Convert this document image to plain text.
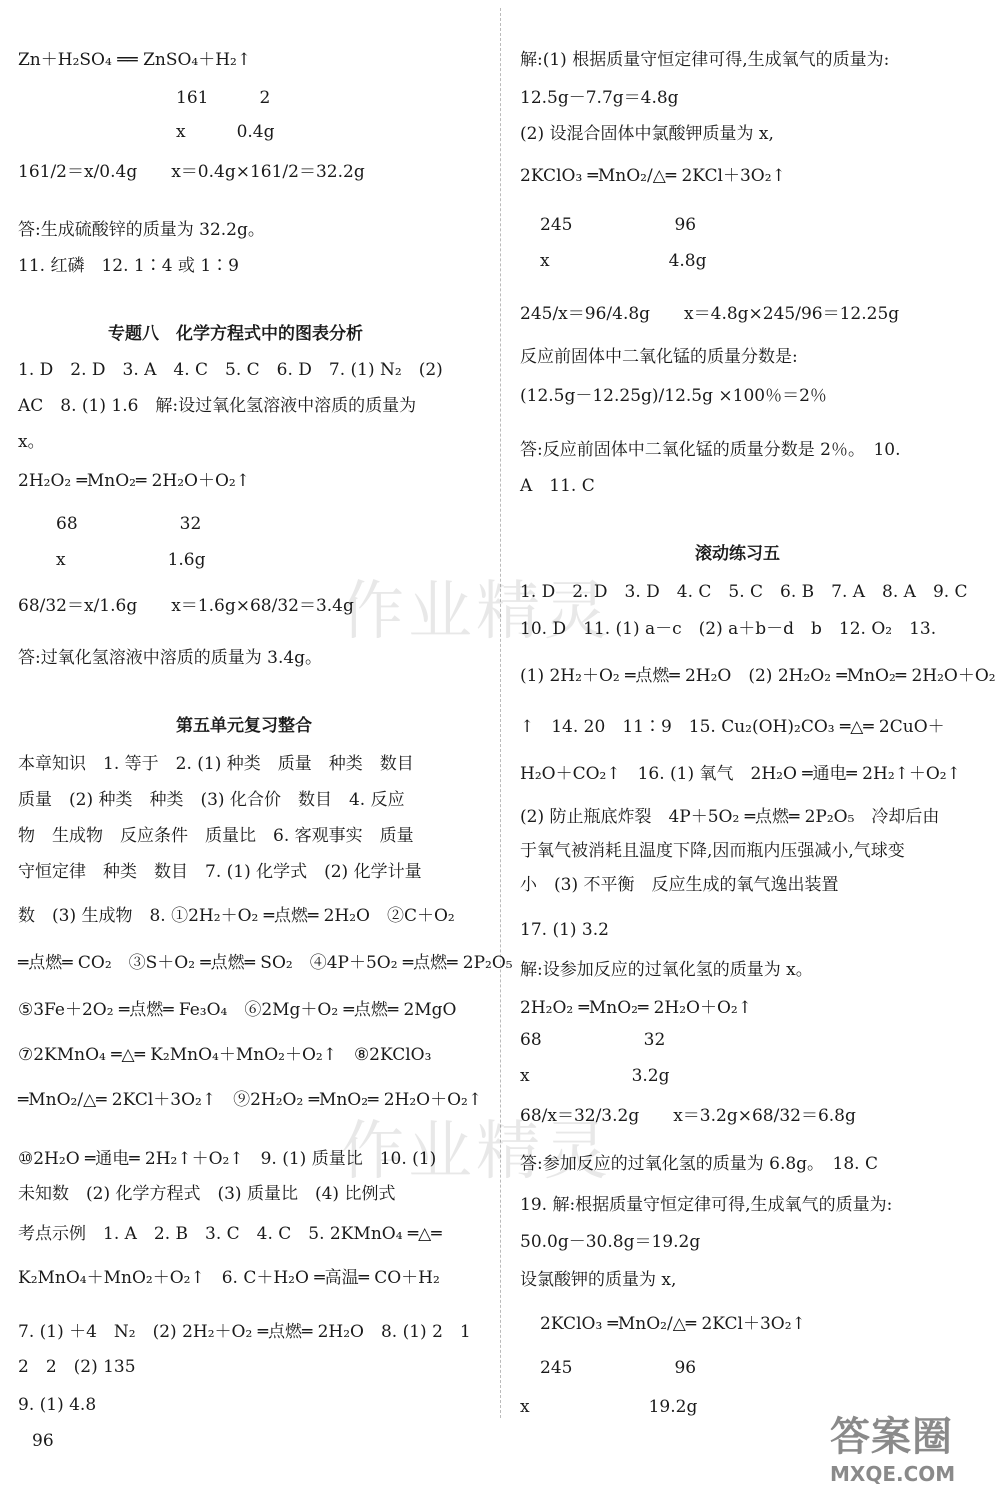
Zn＋H₂SO₄ ══ ZnSO₄＋H₂↑
161　　　2
x　　　0.4g
161/2＝x/0.4g　　x＝0.4g×161/2＝32.2g
答:生成硫酸锌的质量为 32.2g。
11. 红磷　12. 1∶4 或 1∶9
专题八　化学方程式中的图表分析
1. D　2. D　3. A　4. C　5. C　6. D　7. (1) N₂　(2)
AC　8. (1) 1.6　解:设过氧化氢溶液中溶质的质量为
x。
2H₂O₂ ═MnO₂═ 2H₂O＋O₂↑
68　　　　　　32
x　　　　　　1.6g
68/32＝x/1.6g　　x＝1.6g×68/32＝3.4g
答:过氧化氢溶液中溶质的质量为 3.4g。
第五单元复习整合
本章知识　1. 等于　2. (1) 种类　质量　种类　数目
质量　(2) 种类　种类　(3) 化合价　数目　4. 反应
物　生成物　反应条件　质量比　6. 客观事实　质量
守恒定律　种类　数目　7. (1) 化学式　(2) 化学计量
数　(3) 生成物　8. ①2H₂＋O₂ ═点燃═ 2H₂O　②C＋O₂
═点燃═ CO₂　③S＋O₂ ═点燃═ SO₂　④4P＋5O₂ ═点燃═ 2P₂O₅
⑤3Fe＋2O₂ ═点燃═ Fe₃O₄　⑥2Mg＋O₂ ═点燃═ 2MgO
⑦2KMnO₄ ═△═ K₂MnO₄＋MnO₂＋O₂↑　⑧2KClO₃
═MnO₂/△═ 2KCl＋3O₂↑　⑨2H₂O₂ ═MnO₂═ 2H₂O＋O₂↑
⑩2H₂O ═通电═ 2H₂↑＋O₂↑　9. (1) 质量比　10. (1)
未知数　(2) 化学方程式　(3) 质量比　(4) 比例式
考点示例　1. A　2. B　3. C　4. C　5. 2KMnO₄ ═△═
K₂MnO₄＋MnO₂＋O₂↑　6. C＋H₂O ═高温═ CO＋H₂
7. (1) ＋4　N₂　(2) 2H₂＋O₂ ═点燃═ 2H₂O　8. (1) 2　1
2　2　(2) 135
9. (1) 4.8
解:(1) 根据质量守恒定律可得,生成氧气的质量为:
12.5g－7.7g＝4.8g
(2) 设混合固体中氯酸钾质量为 x,
2KClO₃ ═MnO₂/△═ 2KCl＋3O₂↑
245　　　　　　96
x　　　　　　　4.8g
245/x＝96/4.8g　　x＝4.8g×245/96＝12.25g
反应前固体中二氧化锰的质量分数是:
(12.5g－12.25g)/12.5g ×100％＝2％
答:反应前固体中二氧化锰的质量分数是 2％。　10.
A　11. C
滚动练习五
1. D　2. D　3. D　4. C　5. C　6. B　7. A　8. A　9. C
10. D　11. (1) a－c　(2) a＋b－d　b　12. O₂　13.
(1) 2H₂＋O₂ ═点燃═ 2H₂O　(2) 2H₂O₂ ═MnO₂═ 2H₂O＋O₂
↑　14. 20　11∶9　15. Cu₂(OH)₂CO₃ ═△═ 2CuO＋
H₂O＋CO₂↑　16. (1) 氧气　2H₂O ═通电═ 2H₂↑＋O₂↑
(2) 防止瓶底炸裂　4P＋5O₂ ═点燃═ 2P₂O₅　冷却后由
于氧气被消耗且温度下降,因而瓶内压强减小,气球变
小　(3) 不平衡　反应生成的氧气逸出装置
17. (1) 3.2
解:设参加反应的过氧化氢的质量为 x。
2H₂O₂ ═MnO₂═ 2H₂O＋O₂↑
68　　　　　　32
x　　　　　　3.2g
68/x＝32/3.2g　　x＝3.2g×68/32＝6.8g
答:参加反应的过氧化氢的质量为 6.8g。　18. C
19. 解:根据质量守恒定律可得,生成氧气的质量为:
50.0g－30.8g＝19.2g
设氯酸钾的质量为 x,
2KClO₃ ═MnO₂/△═ 2KCl＋3O₂↑
245　　　　　　96
x　　　　　　　19.2g
作业精灵
作业精灵
96	答案圈
MXQE.COM
